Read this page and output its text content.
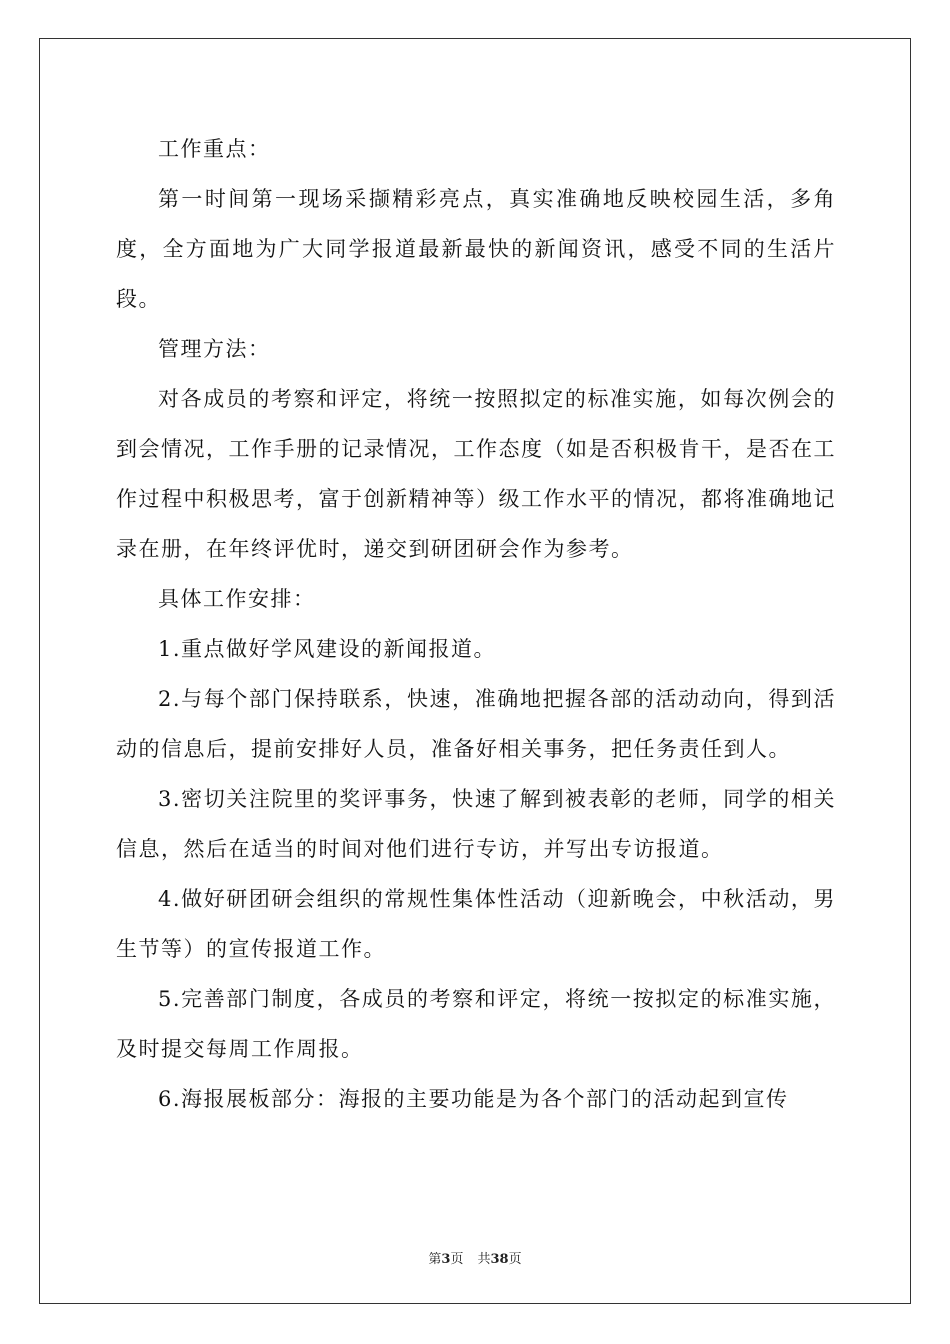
工作重点：

第一时间第一现场采撷精彩亮点，真实准确地反映校园生活，多角度，全方面地为广大同学报道最新最快的新闻资讯，感受不同的生活片段。

管理方法：

对各成员的考察和评定，将统一按照拟定的标准实施，如每次例会的到会情况，工作手册的记录情况，工作态度（如是否积极肯干，是否在工作过程中积极思考，富于创新精神等）级工作水平的情况，都将准确地记录在册，在年终评优时，递交到研团研会作为参考。

具体工作安排：

1.重点做好学风建设的新闻报道。

2.与每个部门保持联系，快速，准确地把握各部的活动动向，得到活动的信息后，提前安排好人员，准备好相关事务，把任务责任到人。

3.密切关注院里的奖评事务，快速了解到被表彰的老师，同学的相关信息，然后在适当的时间对他们进行专访，并写出专访报道。

4.做好研团研会组织的常规性集体性活动（迎新晚会，中秋活动，男生节等）的宣传报道工作。

5.完善部门制度，各成员的考察和评定，将统一按拟定的标准实施，及时提交每周工作周报。

6.海报展板部分：海报的主要功能是为各个部门的活动起到宣传

第3页 共38页
